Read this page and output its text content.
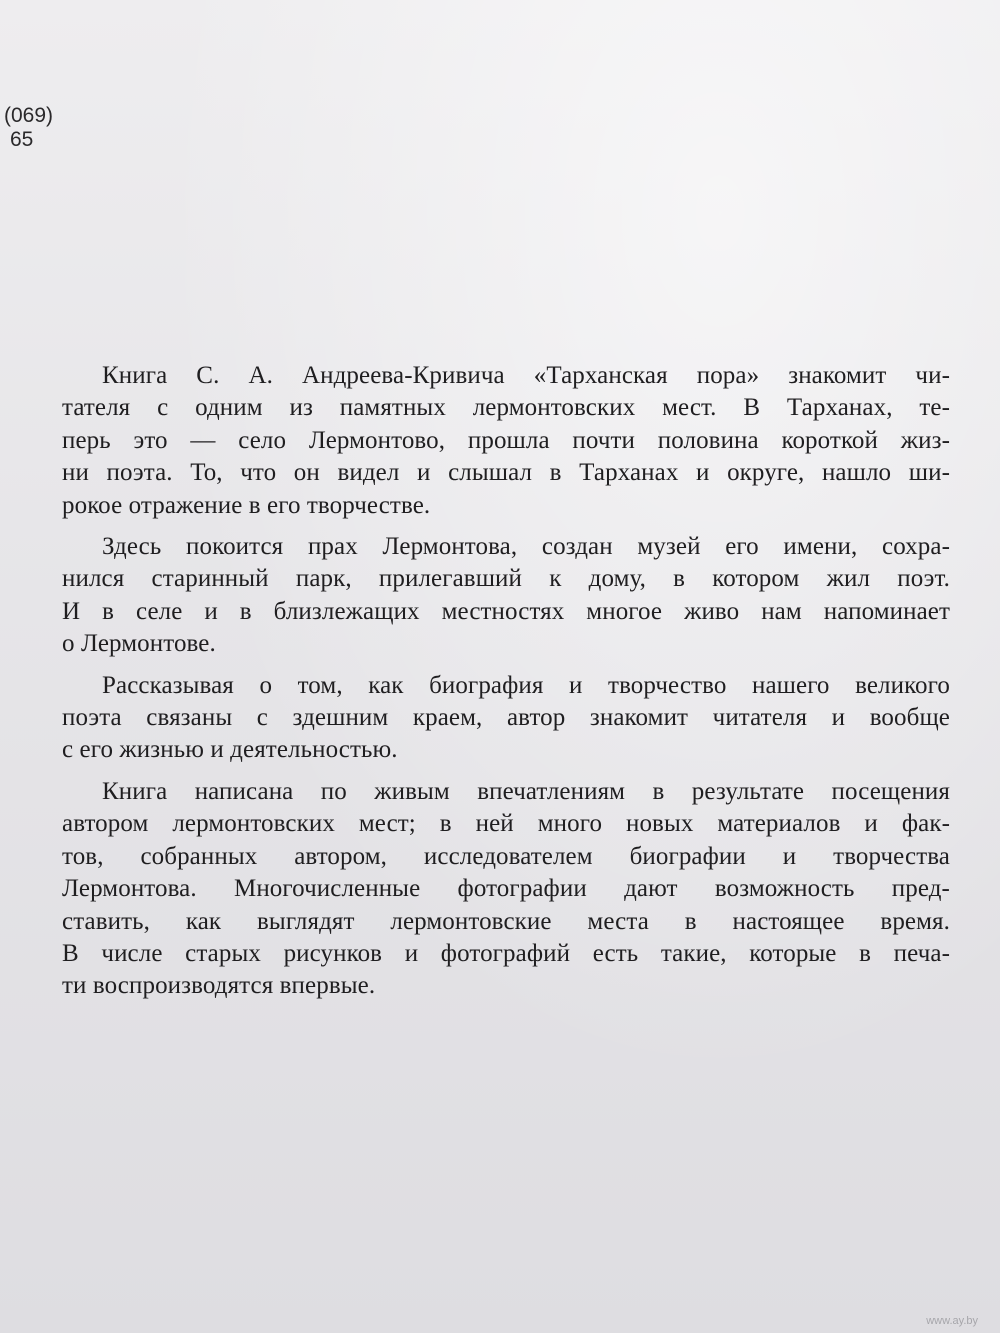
(069)
65
Книга С. А. Андреева-Кривича «Тарханская пора» знакомит чи-
тателя с одним из памятных лермонтовских мест. В Тарханах, те-
перь это — село Лермонтово, прошла почти половина короткой жиз-
ни поэта. То, что он видел и слышал в Тарханах и округе, нашло ши-
рокое отражение в его творчестве.
Здесь покоится прах Лермонтова, создан музей его имени, сохра-
нился старинный парк, прилегавший к дому, в котором жил поэт.
И в селе и в близлежащих местностях многое живо нам напоминает
о Лермонтове.
Рассказывая о том, как биография и творчество нашего великого
поэта связаны с здешним краем, автор знакомит читателя и вообще
с его жизнью и деятельностью.
Книга написана по живым впечатлениям в результате посещения
автором лермонтовских мест; в ней много новых материалов и фак-
тов, собранных автором, исследователем биографии и творчества
Лермонтова. Многочисленные фотографии дают возможность пред-
ставить, как выглядят лермонтовские места в настоящее время.
В числе старых рисунков и фотографий есть такие, которые в печа-
ти воспроизводятся впервые.
www.ay.by
